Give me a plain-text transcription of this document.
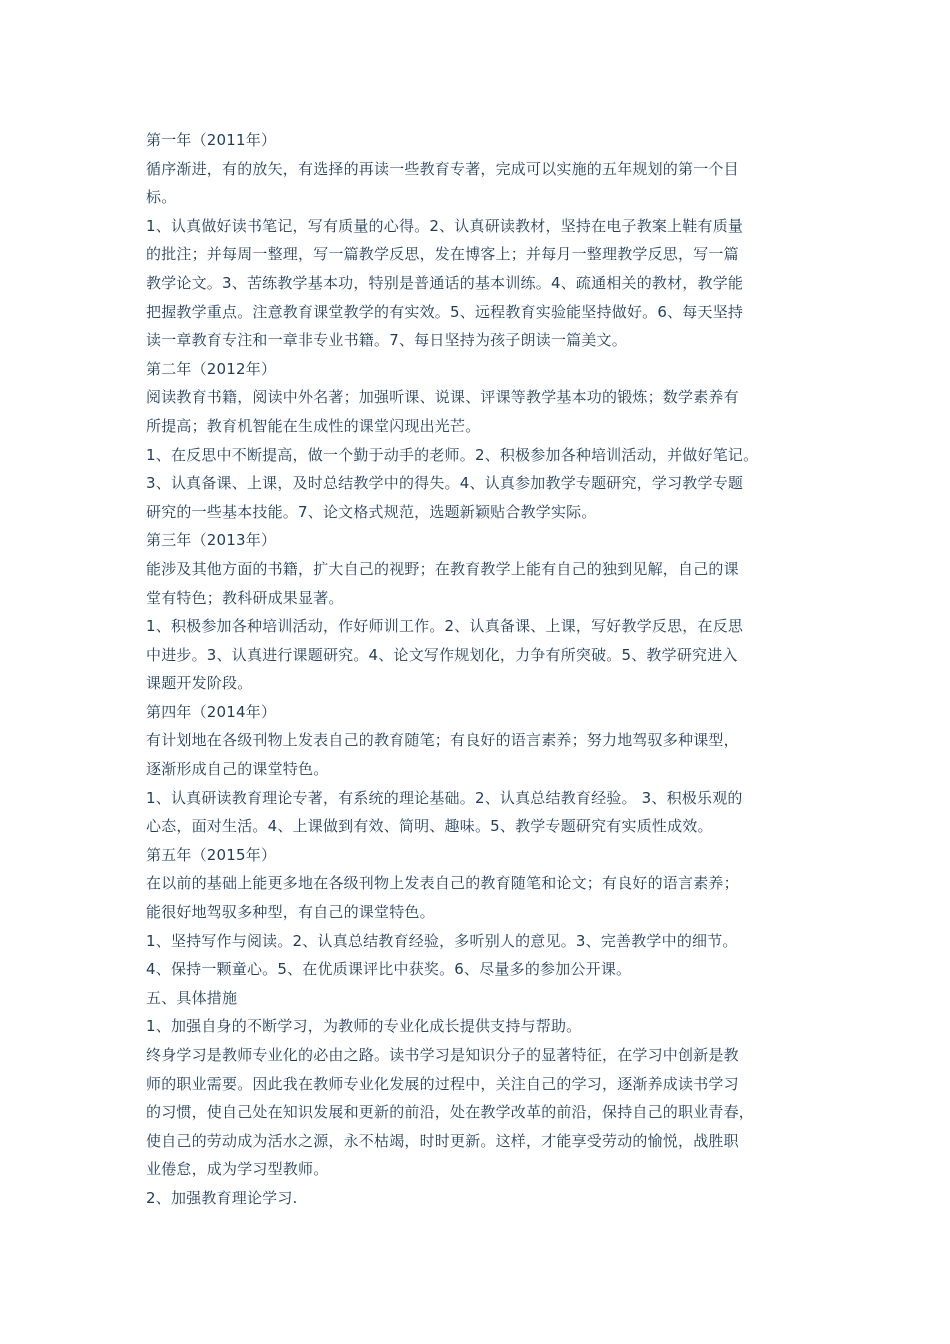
第一年（2011年）
循序渐进，有的放矢，有选择的再读一些教育专著，完成可以实施的五年规划的第一个目
标。
1、认真做好读书笔记，写有质量的心得。2、认真研读教材，坚持在电子教案上鞋有质量
的批注；并每周一整理，写一篇教学反思，发在博客上；并每月一整理教学反思，写一篇
教学论文。3、苦练教学基本功，特别是普通话的基本训练。4、疏通相关的教材，教学能
把握教学重点。注意教育课堂教学的有实效。5、远程教育实验能坚持做好。6、每天坚持
读一章教育专注和一章非专业书籍。7、每日坚持为孩子朗读一篇美文。
第二年（2012年）
阅读教育书籍，阅读中外名著；加强听课、说课、评课等教学基本功的锻炼；数学素养有
所提高；教育机智能在生成性的课堂闪现出光芒。
1、在反思中不断提高，做一个勤于动手的老师。2、积极参加各种培训活动，并做好笔记。
3、认真备课、上课，及时总结教学中的得失。4、认真参加教学专题研究，学习教学专题
研究的一些基本技能。7、论文格式规范，选题新颖贴合教学实际。
第三年（2013年）
能涉及其他方面的书籍，扩大自己的视野；在教育教学上能有自己的独到见解，自己的课
堂有特色；教科研成果显著。
1、积极参加各种培训活动，作好师训工作。2、认真备课、上课，写好教学反思，在反思
中进步。3、认真进行课题研究。4、论文写作规划化，力争有所突破。5、教学研究进入
课题开发阶段。
第四年（2014年）
有计划地在各级刊物上发表自己的教育随笔；有良好的语言素养；努力地驾驭多种课型，
逐渐形成自己的课堂特色。
1、认真研读教育理论专著，有系统的理论基础。2、认真总结教育经验。 3、积极乐观的
心态，面对生活。4、上课做到有效、简明、趣味。5、教学专题研究有实质性成效。
第五年（2015年）
在以前的基础上能更多地在各级刊物上发表自己的教育随笔和论文；有良好的语言素养；
能很好地驾驭多种型，有自己的课堂特色。
1、坚持写作与阅读。2、认真总结教育经验，多听别人的意见。3、完善教学中的细节。
4、保持一颗童心。5、在优质课评比中获奖。6、尽量多的参加公开课。
五、具体措施
1、加强自身的不断学习，为教师的专业化成长提供支持与帮助。
终身学习是教师专业化的必由之路。读书学习是知识分子的显著特征，在学习中创新是教
师的职业需要。因此我在教师专业化发展的过程中，关注自己的学习，逐渐养成读书学习
的习惯，使自己处在知识发展和更新的前沿，处在教学改革的前沿，保持自己的职业青春，
使自己的劳动成为活水之源，永不枯竭，时时更新。这样，才能享受劳动的愉悦，战胜职
业倦怠，成为学习型教师。
2、加强教育理论学习.
